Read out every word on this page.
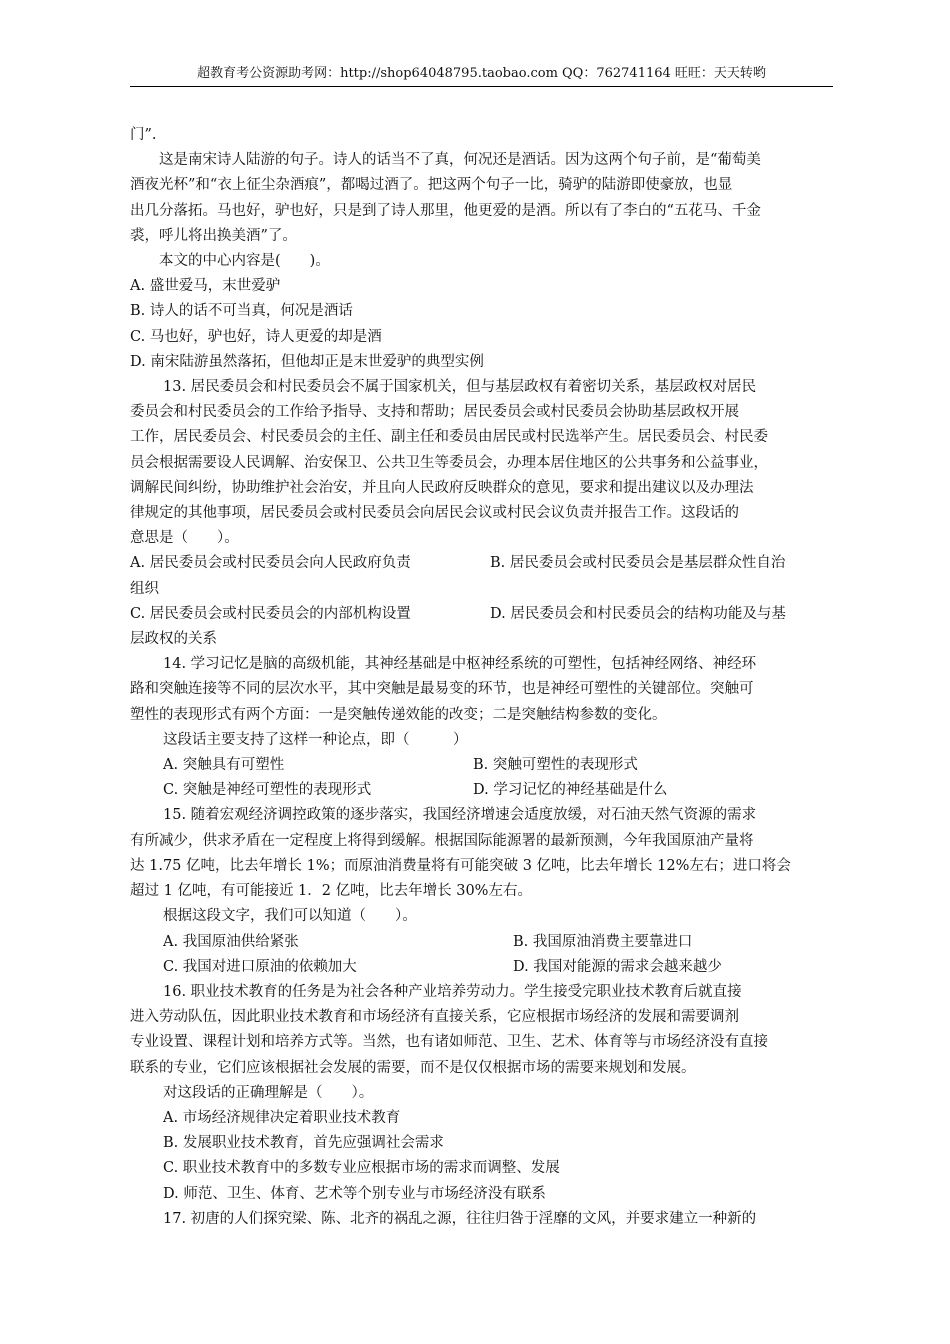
超教育考公资源助考网：http://shop64048795.taobao.com QQ：762741164 旺旺：天天转哟

门”.

这是南宋诗人陆游的句子。诗人的话当不了真，何况还是酒话。因为这两个句子前，是“葡萄美

酒夜光杯”和“衣上征尘杂酒痕”，都喝过酒了。把这两个句子一比，骑驴的陆游即使豪放，也显

出几分落拓。马也好，驴也好，只是到了诗人那里，他更爱的是酒。所以有了李白的“五花马、千金

裘，呼儿将出换美酒”了。

本文的中心内容是(　　)。

A. 盛世爱马，末世爱驴

B. 诗人的话不可当真，何况是酒话

C. 马也好，驴也好，诗人更爱的却是酒

D. 南宋陆游虽然落拓，但他却正是末世爱驴的典型实例

13. 居民委员会和村民委员会不属于国家机关，但与基层政权有着密切关系，基层政权对居民

委员会和村民委员会的工作给予指导、支持和帮助；居民委员会或村民委员会协助基层政权开展

工作，居民委员会、村民委员会的主任、副主任和委员由居民或村民选举产生。居民委员会、村民委

员会根据需要设人民调解、治安保卫、公共卫生等委员会，办理本居住地区的公共事务和公益事业，

调解民间纠纷，协助维护社会治安，并且向人民政府反映群众的意见，要求和提出建议以及办理法

律规定的其他事项，居民委员会或村民委员会向居民会议或村民会议负责并报告工作。这段话的

意思是（　　）。

A. 居民委员会或村民委员会向人民政府负责	B. 居民委员会或村民委员会是基层群众性自治

组织

C. 居民委员会或村民委员会的内部机构设置	D. 居民委员会和村民委员会的结构功能及与基

层政权的关系

14. 学习记忆是脑的高级机能，其神经基础是中枢神经系统的可塑性，包括神经网络、神经环

路和突触连接等不同的层次水平，其中突触是最易变的环节，也是神经可塑性的关键部位。突触可

塑性的表现形式有两个方面：一是突触传递效能的改变；二是突触结构参数的变化。

这段话主要支持了这样一种论点，即（　　　）

A. 突触具有可塑性	B. 突触可塑性的表现形式
C. 突触是神经可塑性的表现形式	D. 学习记忆的神经基础是什么

15. 随着宏观经济调控政策的逐步落实，我国经济增速会适度放缓，对石油天然气资源的需求

有所减少，供求矛盾在一定程度上将得到缓解。根据国际能源署的最新预测，今年我国原油产量将

达 1.75 亿吨，比去年增长 1%；而原油消费量将有可能突破 3 亿吨，比去年增长 12%左右；进口将会

超过 1 亿吨，有可能接近 1．2 亿吨，比去年增长 30%左右。

根据这段文字，我们可以知道（　　）。

A. 我国原油供给紧张	B. 我国原油消费主要靠进口
C. 我国对进口原油的依赖加大	D. 我国对能源的需求会越来越少

16. 职业技术教育的任务是为社会各种产业培养劳动力。学生接受完职业技术教育后就直接

进入劳动队伍，因此职业技术教育和市场经济有直接关系，它应根据市场经济的发展和需要调剂

专业设置、课程计划和培养方式等。当然，也有诸如师范、卫生、艺术、体育等与市场经济没有直接

联系的专业，它们应该根据社会发展的需要，而不是仅仅根据市场的需要来规划和发展。

对这段话的正确理解是（　　）。

A. 市场经济规律决定着职业技术教育

B. 发展职业技术教育，首先应强调社会需求

C. 职业技术教育中的多数专业应根据市场的需求而调整、发展

D. 师范、卫生、体育、艺术等个别专业与市场经济没有联系

17. 初唐的人们探究梁、陈、北齐的祸乱之源，往往归咎于淫靡的文风，并要求建立一种新的
